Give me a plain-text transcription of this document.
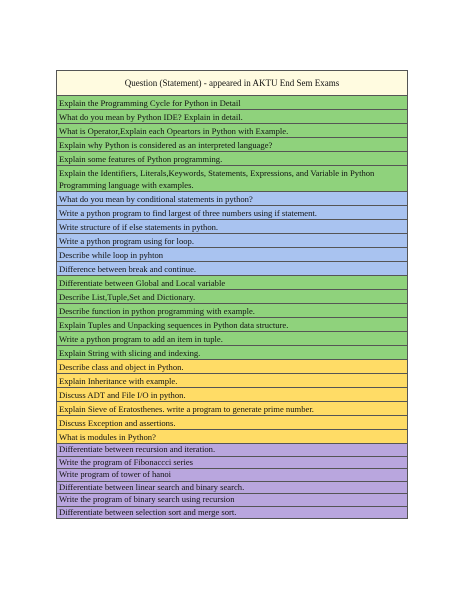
Question (Statement) - appeared in AKTU End Sem Exams
Explain the Programming Cycle for Python in Detail
What do you mean by Python IDE? Explain in detail.
What is Operator,Explain each Opeartors in Python with Example.
Explain why Python is considered as an interpreted language?
Explain some features of Python programming.
Explain the Identifiers, Literals,Keywords, Statements, Expressions, and Variable in Python Programming language with examples.
What do you mean by conditional statements in python?
Write a python program to find largest of three numbers using if statement.
Write structure of if else statements in python.
Write a python program using for loop.
Describe while loop in pyhton
Difference between break and continue.
Differentiate between Global and Local variable
Describe List,Tuple,Set and Dictionary.
Describe function in python programming with example.
Explain Tuples and Unpacking sequences in Python data structure.
Write a python program to add an item in tuple.
Explain String with slicing and indexing.
Describe class and object in Python.
Explain Inheritance with example.
Discuss ADT and File I/O in python.
Explain Sieve of Eratosthenes. write a program to generate prime number.
Discuss Exception and assertions.
What is modules in Python?
Differentiate between recursion and iteration.
Write the program of Fibonaccci series
Write program of tower of hanoi
Differentiate between linear search and binary search.
Write the program of binary search using recursion
Differentiate between selection sort and merge sort.
